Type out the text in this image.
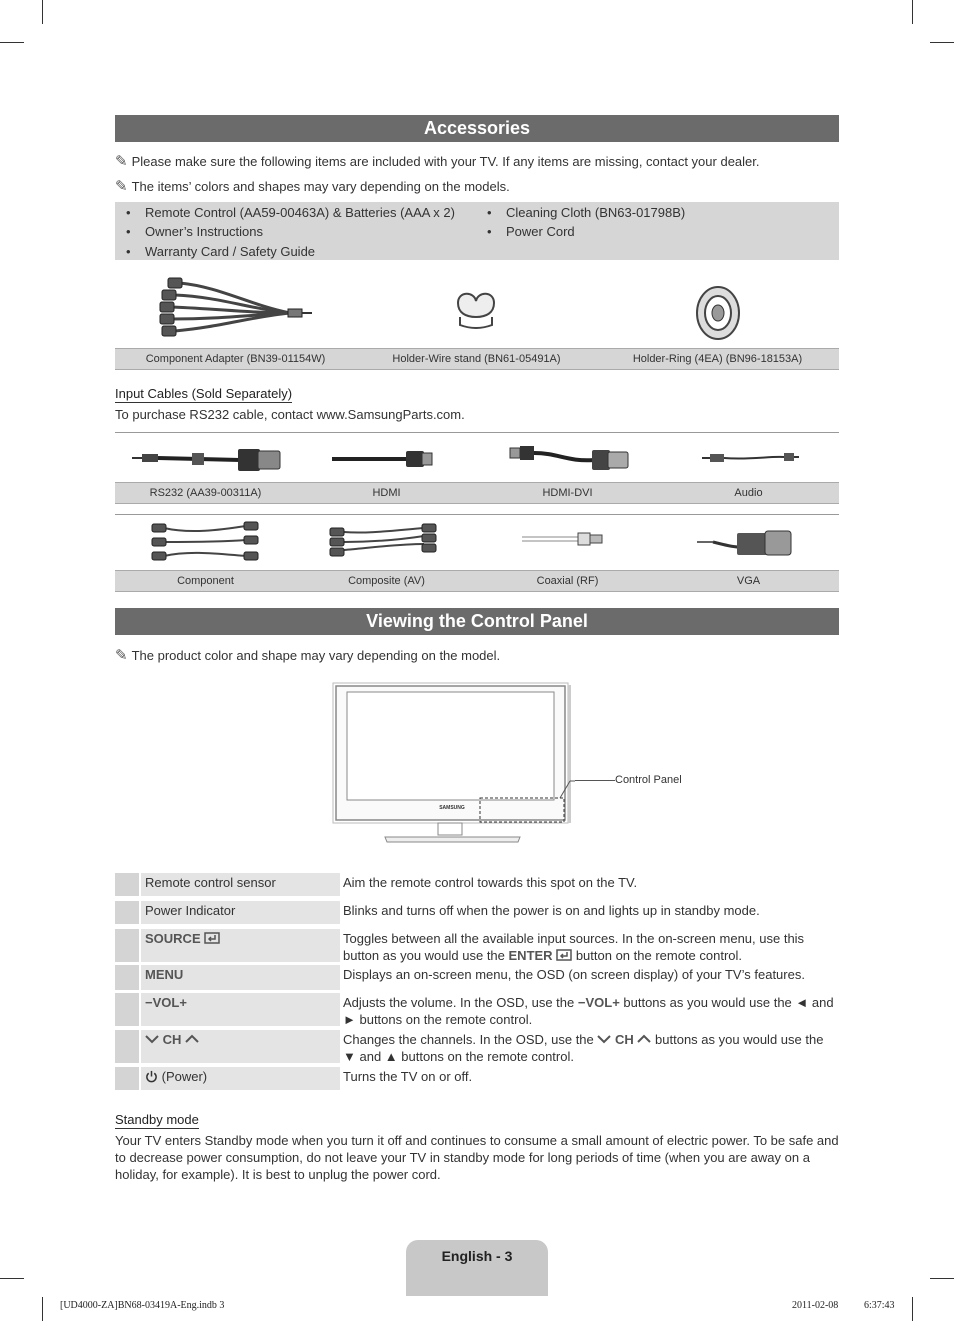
Accessories
✎ Please make sure the following items are included with your TV. If any items are missing, contact your dealer.
✎ The items’ colors and shapes may vary depending on the models.
• Remote Control (AA59-00463A) & Batteries (AAA x 2)
• Owner’s Instructions
• Warranty Card / Safety Guide
• Cleaning Cloth (BN63-01798B)
• Power Cord
Component Adapter (BN39-01154W)	Holder-Wire stand (BN61-05491A)	Holder-Ring (4EA) (BN96-18153A)
Input Cables (Sold Separately)
To purchase RS232 cable, contact www.SamsungParts.com.
RS232 (AA39-00311A)	HDMI	HDMI-DVI	Audio
Component	Composite (AV)	Coaxial (RF)	VGA
Viewing the Control Panel
✎ The product color and shape may vary depending on the model.
SAMSUNG
Control Panel
Remote control sensor	Aim the remote control towards this spot on the TV.
Power Indicator	Blinks and turns off when the power is on and lights up in standby mode.
SOURCE	Toggles between all the available input sources. In the on-screen menu, use this button as you would use the ENTER  button on the remote control.
MENU	Displays an on-screen menu, the OSD (on screen display) of your TV’s features.
−VOL+	Adjusts the volume. In the OSD, use the −VOL+ buttons as you would use the ◄ and ► buttons on the remote control.
CH	Changes the channels. In the OSD, use the  CH  buttons as you would use the ▼ and ▲ buttons on the remote control.
(Power)	Turns the TV on or off.
Standby mode
Your TV enters Standby mode when you turn it off and continues to consume a small amount of electric power. To be safe and to decrease power consumption, do not leave your TV in standby mode for long periods of time (when you are away on a holiday, for example). It is best to unplug the power cord.
English - 3
[UD4000-ZA]BN68-03419A-Eng.indb 3	2011-02-08	6:37:43
